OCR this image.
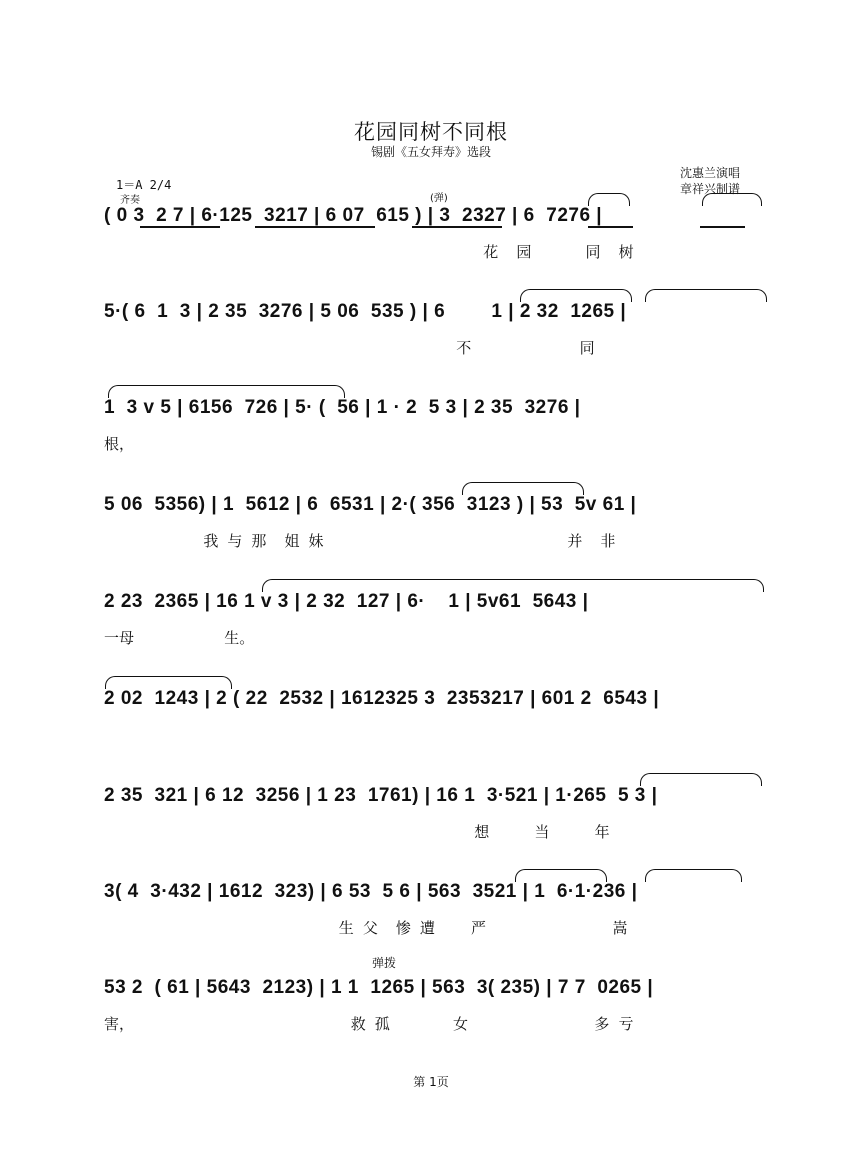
花园同树不同根
锡剧《五女拜寿》选段
沈惠兰演唱
章祥兴制谱
1＝A 2/4
齐奏	(弹)
弹拨
( 0 3  2 7 | 6·125  3217 | 6 07  615 ) | 3  2327 | 6  7276 |
花  园      同  树
5·( 6  1  3 | 2 35  3276 | 5 06  535 ) | 6        1 | 2 32  1265 |
不            同
1  3 v 5 | 6156  726 | 5· (  56 | 1 · 2  5 3 | 2 35  3276 |
根，
5 06  5356) | 1  5612 | 6  6531 | 2·( 356  3123 ) | 53  5v 61 |
我 与 那  姐 妹                           并  非
2 23  2365 | 16 1 v 3 | 2 32  127 | 6·    1 | 5v61  5643 |
一母          生。
2 02  1243 | 2 ( 22  2532 | 1612325 3  2353217 | 601 2  6543 |
2 35  321 | 6 12  3256 | 1 23  1761) | 16 1  3·521 | 1·265  5 3 |
想     当     年
3( 4  3·432 | 1612  323) | 6 53  5 6 | 563  3521 | 1  6·1·236 |
生 父  惨 遭    严              嵩
53 2  ( 61 | 5643  2123) | 1 1  1265 | 563  3( 235) | 7 7  0265 |
害，                        救 孤       女              多 亏
第 1页
